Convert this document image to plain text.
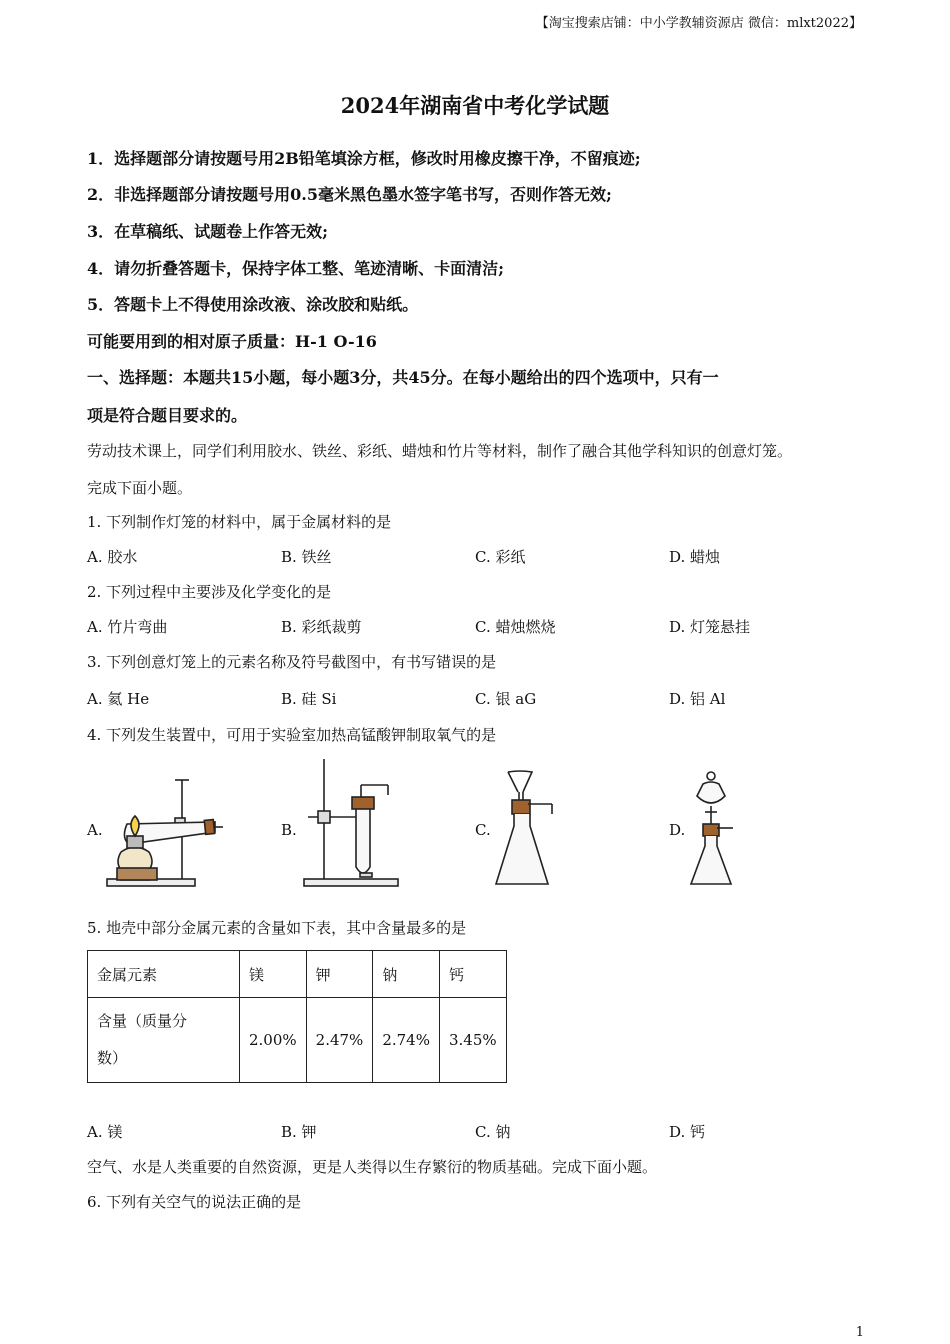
【淘宝搜索店铺：中小学教辅资源店 微信：mlxt2022】
2024年湖南省中考化学试题
1．选择题部分请按题号用2B铅笔填涂方框，修改时用橡皮擦干净，不留痕迹;
2．非选择题部分请按题号用0.5毫米黑色墨水签字笔书写，否则作答无效;
3．在草稿纸、试题卷上作答无效;
4．请勿折叠答题卡，保持字体工整、笔迹清晰、卡面清洁;
5．答题卡上不得使用涂改液、涂改胶和贴纸。
可能要用到的相对原子质量：H-1 O-16
一、选择题：本题共15小题，每小题3分，共45分。在每小题给出的四个选项中，只有一
项是符合题目要求的。
劳动技术课上，同学们利用胶水、铁丝、彩纸、蜡烛和竹片等材料，制作了融合其他学科知识的创意灯笼。
完成下面小题。
1. 下列制作灯笼的材料中，属于金属材料的是
A. 胶水	B. 铁丝	C. 彩纸	D. 蜡烛
2. 下列过程中主要涉及化学变化的是
A. 竹片弯曲	B. 彩纸裁剪	C. 蜡烛燃烧	D. 灯笼悬挂
3. 下列创意灯笼上的元素名称及符号截图中，有书写错误的是
A. 氦 He	B. 硅 Si	C. 银 aG	D. 铝 Al
4. 下列发生装置中，可用于实验室加热高锰酸钾制取氧气的是
A.	B.	C.	D.
5. 地壳中部分金属元素的含量如下表，其中含量最多的是
金属元素	镁	钾	钠	钙

含量（质量分
数）	2.00%	2.47%	2.74%	3.45%
A. 镁	B. 钾	C. 钠	D. 钙
空气、水是人类重要的自然资源，更是人类得以生存繁衍的物质基础。完成下面小题。
6. 下列有关空气的说法正确的是
1
